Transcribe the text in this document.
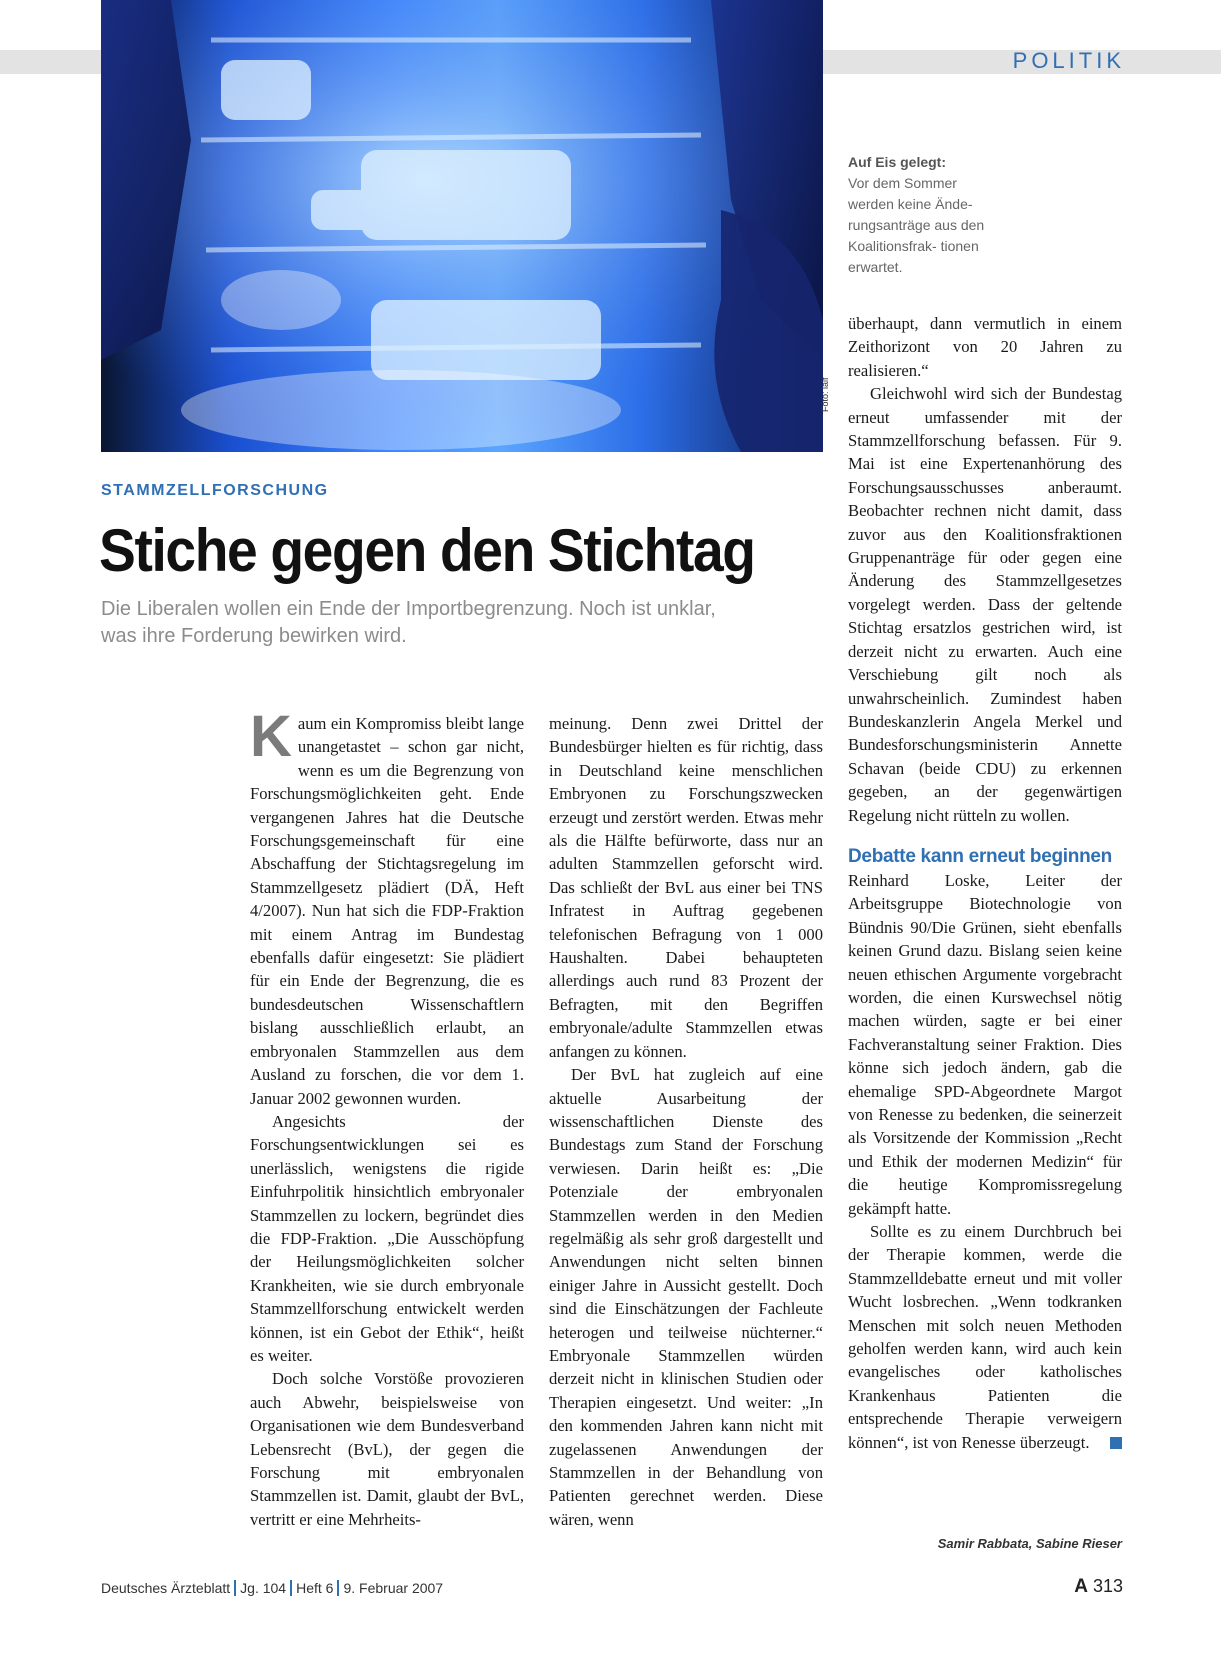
POLITIK
Foto: laif
Auf Eis gelegt:
Vor dem Sommer werden keine Ände- rungsanträge aus den Koalitionsfrak- tionen erwartet.
STAMMZELLFORSCHUNG
Stiche gegen den Stichtag
Die Liberalen wollen ein Ende der Importbegrenzung. Noch ist unklar, was ihre Forderung bewirken wird.

Kaum ein Kompromiss bleibt lange unangetastet – schon gar nicht, wenn es um die Begrenzung von Forschungsmöglichkeiten geht. Ende vergangenen Jahres hat die Deutsche Forschungsgemeinschaft für eine Abschaffung der Stichtagsregelung im Stammzellgesetz plädiert (DÄ, Heft 4/2007). Nun hat sich die FDP-Fraktion mit einem Antrag im Bundestag ebenfalls dafür eingesetzt: Sie plädiert für ein Ende der Begrenzung, die es bundesdeutschen Wissenschaftlern bislang ausschließlich erlaubt, an embryonalen Stammzellen aus dem Ausland zu forschen, die vor dem 1. Januar 2002 gewonnen wurden.

Angesichts der Forschungsentwicklungen sei es unerlässlich, wenigstens die rigide Einfuhrpolitik hinsichtlich embryonaler Stammzellen zu lockern, begründet dies die FDP-Fraktion. „Die Ausschöpfung der Heilungsmöglichkeiten solcher Krankheiten, wie sie durch embryonale Stammzellforschung entwickelt werden können, ist ein Gebot der Ethik“, heißt es weiter.

Doch solche Vorstöße provozieren auch Abwehr, beispielsweise von Organisationen wie dem Bundesverband Lebensrecht (BvL), der gegen die Forschung mit embryonalen Stammzellen ist. Damit, glaubt der BvL, vertritt er eine Mehrheits-

meinung. Denn zwei Drittel der Bundesbürger hielten es für richtig, dass in Deutschland keine menschlichen Embryonen zu Forschungszwecken erzeugt und zerstört werden. Etwas mehr als die Hälfte befürworte, dass nur an adulten Stammzellen geforscht wird. Das schließt der BvL aus einer bei TNS Infratest in Auftrag gegebenen telefonischen Befragung von 1 000 Haushalten. Dabei behaupteten allerdings auch rund 83 Prozent der Befragten, mit den Begriffen embryonale/adulte Stammzellen etwas anfangen zu können.

Der BvL hat zugleich auf eine aktuelle Ausarbeitung der wissenschaftlichen Dienste des Bundestags zum Stand der Forschung verwiesen. Darin heißt es: „Die Potenziale der embryonalen Stammzellen werden in den Medien regelmäßig als sehr groß dargestellt und Anwendungen nicht selten binnen einiger Jahre in Aussicht gestellt. Doch sind die Einschätzungen der Fachleute heterogen und teilweise nüchterner.“ Embryonale Stammzellen würden derzeit nicht in klinischen Studien oder Therapien eingesetzt. Und weiter: „In den kommenden Jahren kann nicht mit zugelassenen Anwendungen der Stammzellen in der Behandlung von Patienten gerechnet werden. Diese wären, wenn

überhaupt, dann vermutlich in einem Zeithorizont von 20 Jahren zu realisieren.“

Gleichwohl wird sich der Bundestag erneut umfassender mit der Stammzellforschung befassen. Für 9. Mai ist eine Expertenanhörung des Forschungsausschusses anberaumt. Beobachter rechnen nicht damit, dass zuvor aus den Koalitionsfraktionen Gruppenanträge für oder gegen eine Änderung des Stammzellgesetzes vorgelegt werden. Dass der geltende Stichtag ersatzlos gestrichen wird, ist derzeit nicht zu erwarten. Auch eine Verschiebung gilt noch als unwahrscheinlich. Zumindest haben Bundeskanzlerin Angela Merkel und Bundesforschungsministerin Annette Schavan (beide CDU) zu erkennen gegeben, an der gegenwärtigen Regelung nicht rütteln zu wollen.

Debatte kann erneut beginnen

Reinhard Loske, Leiter der Arbeitsgruppe Biotechnologie von Bündnis 90/Die Grünen, sieht ebenfalls keinen Grund dazu. Bislang seien keine neuen ethischen Argumente vorgebracht worden, die einen Kurswechsel nötig machen würden, sagte er bei einer Fachveranstaltung seiner Fraktion. Dies könne sich jedoch ändern, gab die ehemalige SPD-Abgeordnete Margot von Renesse zu bedenken, die seinerzeit als Vorsitzende der Kommission „Recht und Ethik der modernen Medizin“ für die heutige Kompromissregelung gekämpft hatte.

Sollte es zu einem Durchbruch bei der Therapie kommen, werde die Stammzelldebatte erneut und mit voller Wucht losbrechen. „Wenn todkranken Menschen mit solch neuen Methoden geholfen werden kann, wird auch kein evangelisches oder katholisches Krankenhaus Patienten die entsprechende Therapie verweigern können“, ist von Renesse überzeugt.

Samir Rabbata, Sabine Rieser
Deutsches Ärzteblatt Jg. 104 Heft 6 9. Februar 2007	A 313
